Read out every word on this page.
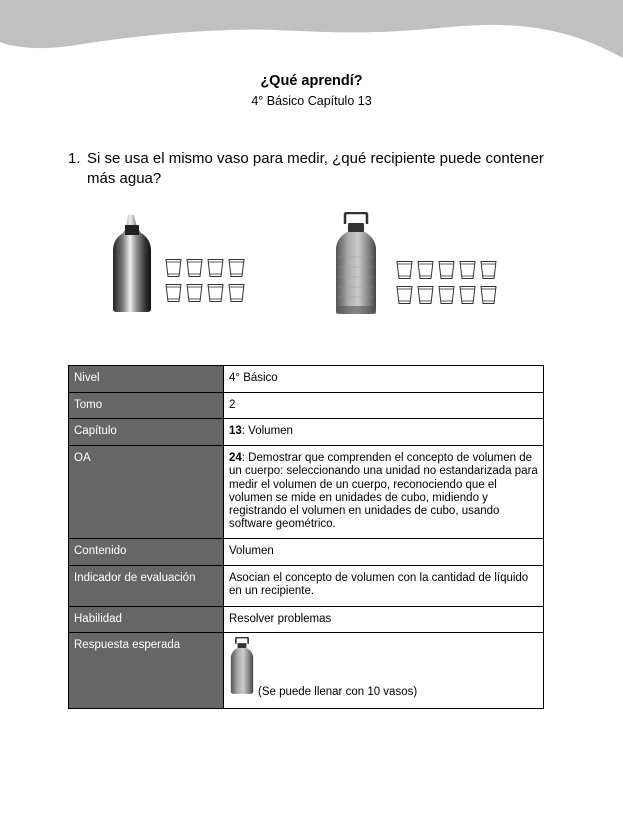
¿Qué aprendí?
4° Básico Capítulo 13
1. Si se usa el mismo vaso para medir, ¿qué recipiente puede contener más agua?
Nivel	4° Básico
Tomo	2
Capítulo	13: Volumen
OA	24: Demostrar que comprenden el concepto de volumen de un cuerpo: seleccionando una unidad no estandarizada para medir el volumen de un cuerpo, reconociendo que el volumen se mide en unidades de cubo, midiendo y registrando el volumen en unidades de cubo, usando software geométrico.
Contenido	Volumen
Indicador de evaluación	Asocian el concepto de volumen con la cantidad de líquido en un recipiente.
Habilidad	Resolver problemas
Respuesta esperada	(Se puede llenar con 10 vasos)
